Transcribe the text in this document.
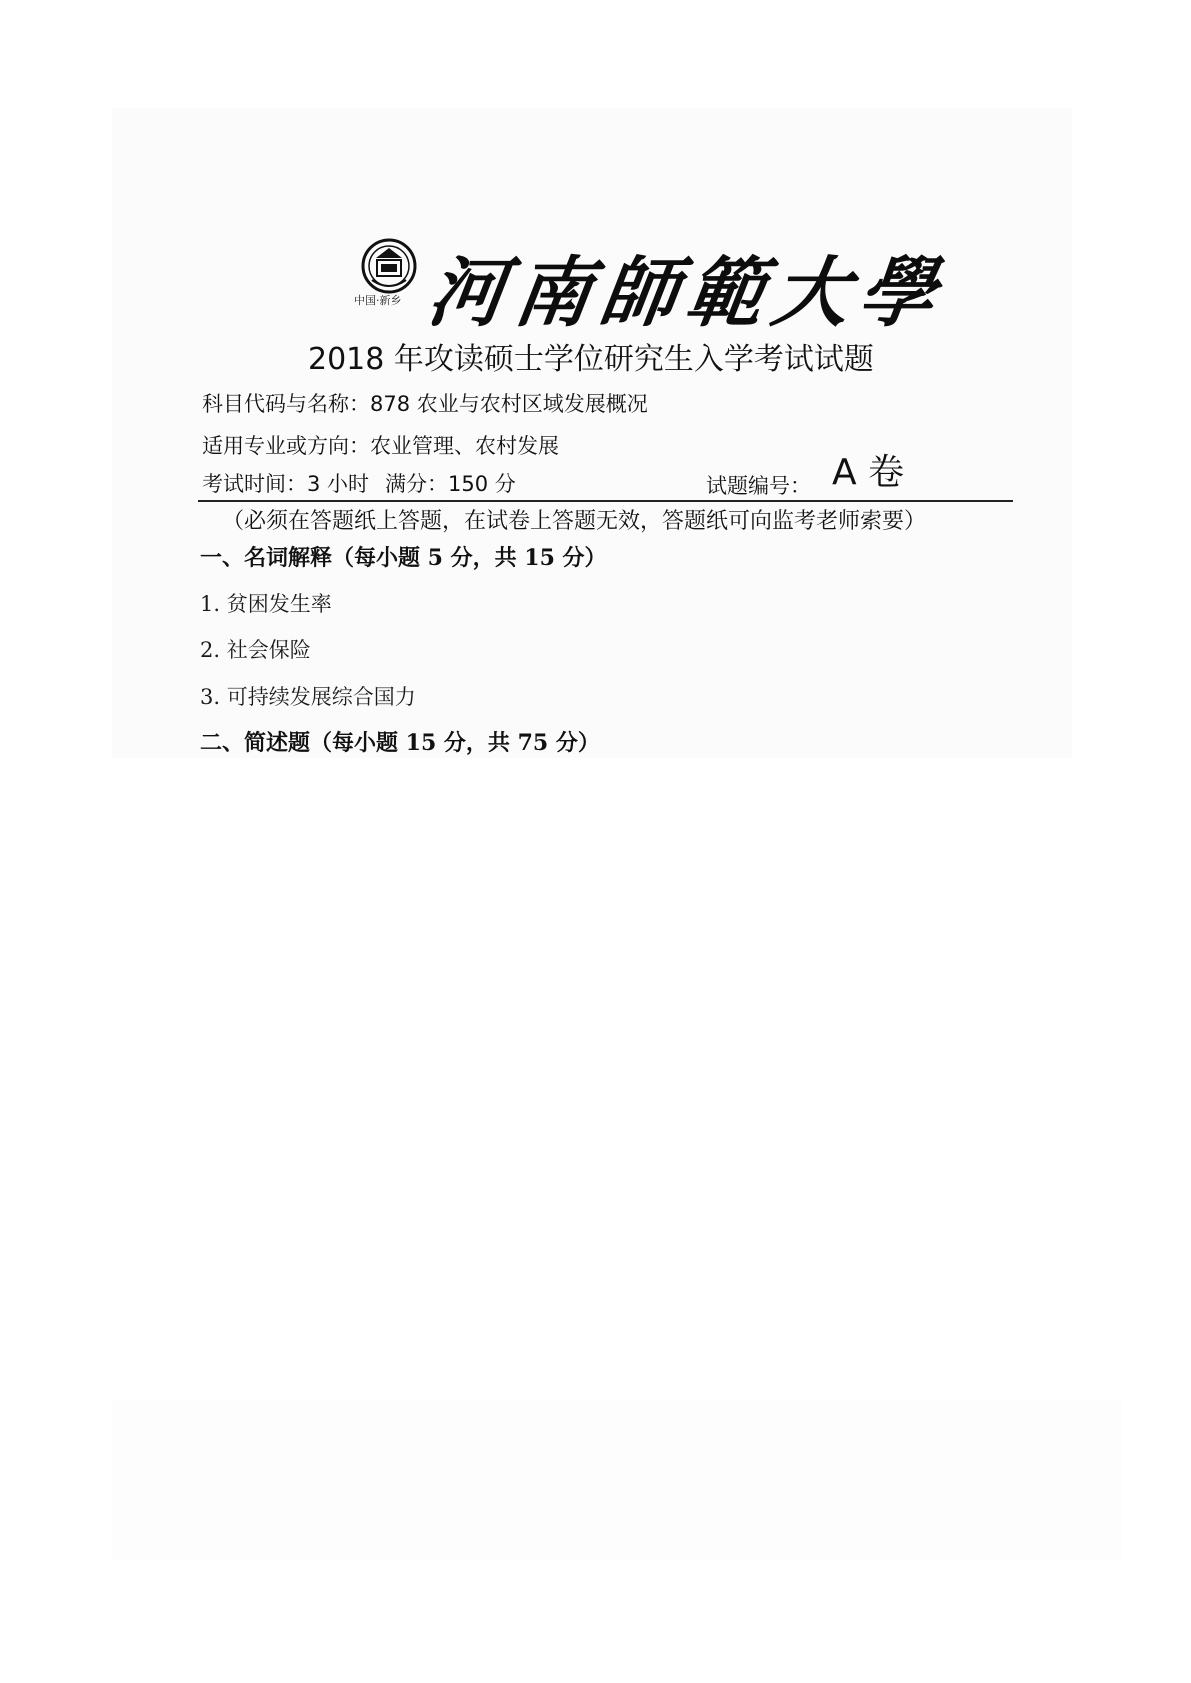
中国·新乡 河南師範大學
2018 年攻读硕士学位研究生入学考试试题
科目代码与名称：878 农业与农村区域发展概况
适用专业或方向：农业管理、农村发展
考试时间：3 小时 满分：150 分	试题编号： A 卷
（必须在答题纸上答题，在试卷上答题无效，答题纸可向监考老师索要）
一、名词解释（每小题 5 分，共 15 分）
1. 贫困发生率
2. 社会保险
3. 可持续发展综合国力
二、简述题（每小题 15 分，共 75 分）
